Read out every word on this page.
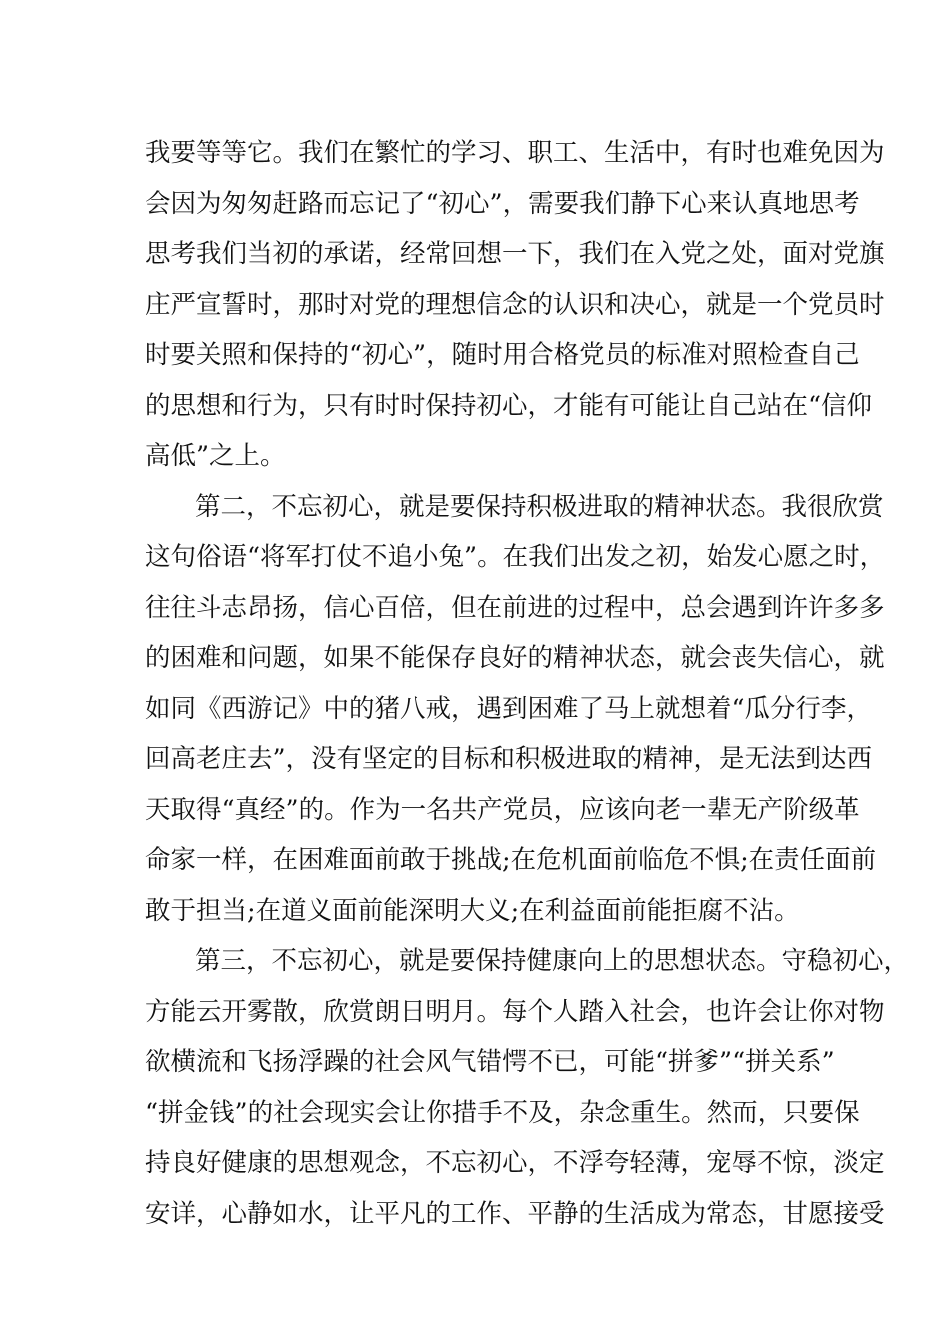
我要等等它。我们在繁忙的学习、职工、生活中，有时也难免因为
会因为匆匆赶路而忘记了“初心”，需要我们静下心来认真地思考
思考我们当初的承诺，经常回想一下，我们在入党之处，面对党旗
庄严宣誓时，那时对党的理想信念的认识和决心，就是一个党员时
时要关照和保持的“初心”，随时用合格党员的标准对照检查自己
的思想和行为，只有时时保持初心，才能有可能让自己站在“信仰
高低”之上。
第二，不忘初心，就是要保持积极进取的精神状态。我很欣赏
这句俗语“将军打仗不追小兔”。在我们出发之初，始发心愿之时，
往往斗志昂扬，信心百倍，但在前进的过程中，总会遇到许许多多
的困难和问题，如果不能保存良好的精神状态，就会丧失信心，就
如同《西游记》中的猪八戒，遇到困难了马上就想着“瓜分行李，
回高老庄去”，没有坚定的目标和积极进取的精神，是无法到达西
天取得“真经”的。作为一名共产党员，应该向老一辈无产阶级革
命家一样，在困难面前敢于挑战;在危机面前临危不惧;在责任面前
敢于担当;在道义面前能深明大义;在利益面前能拒腐不沾。
第三，不忘初心，就是要保持健康向上的思想状态。守稳初心，
方能云开雾散，欣赏朗日明月。每个人踏入社会，也许会让你对物
欲横流和飞扬浮躁的社会风气错愕不已，可能“拼爹”“拼关系”
“拼金钱”的社会现实会让你措手不及，杂念重生。然而，只要保
持良好健康的思想观念，不忘初心，不浮夸轻薄，宠辱不惊，淡定
安详，心静如水，让平凡的工作、平静的生活成为常态，甘愿接受
